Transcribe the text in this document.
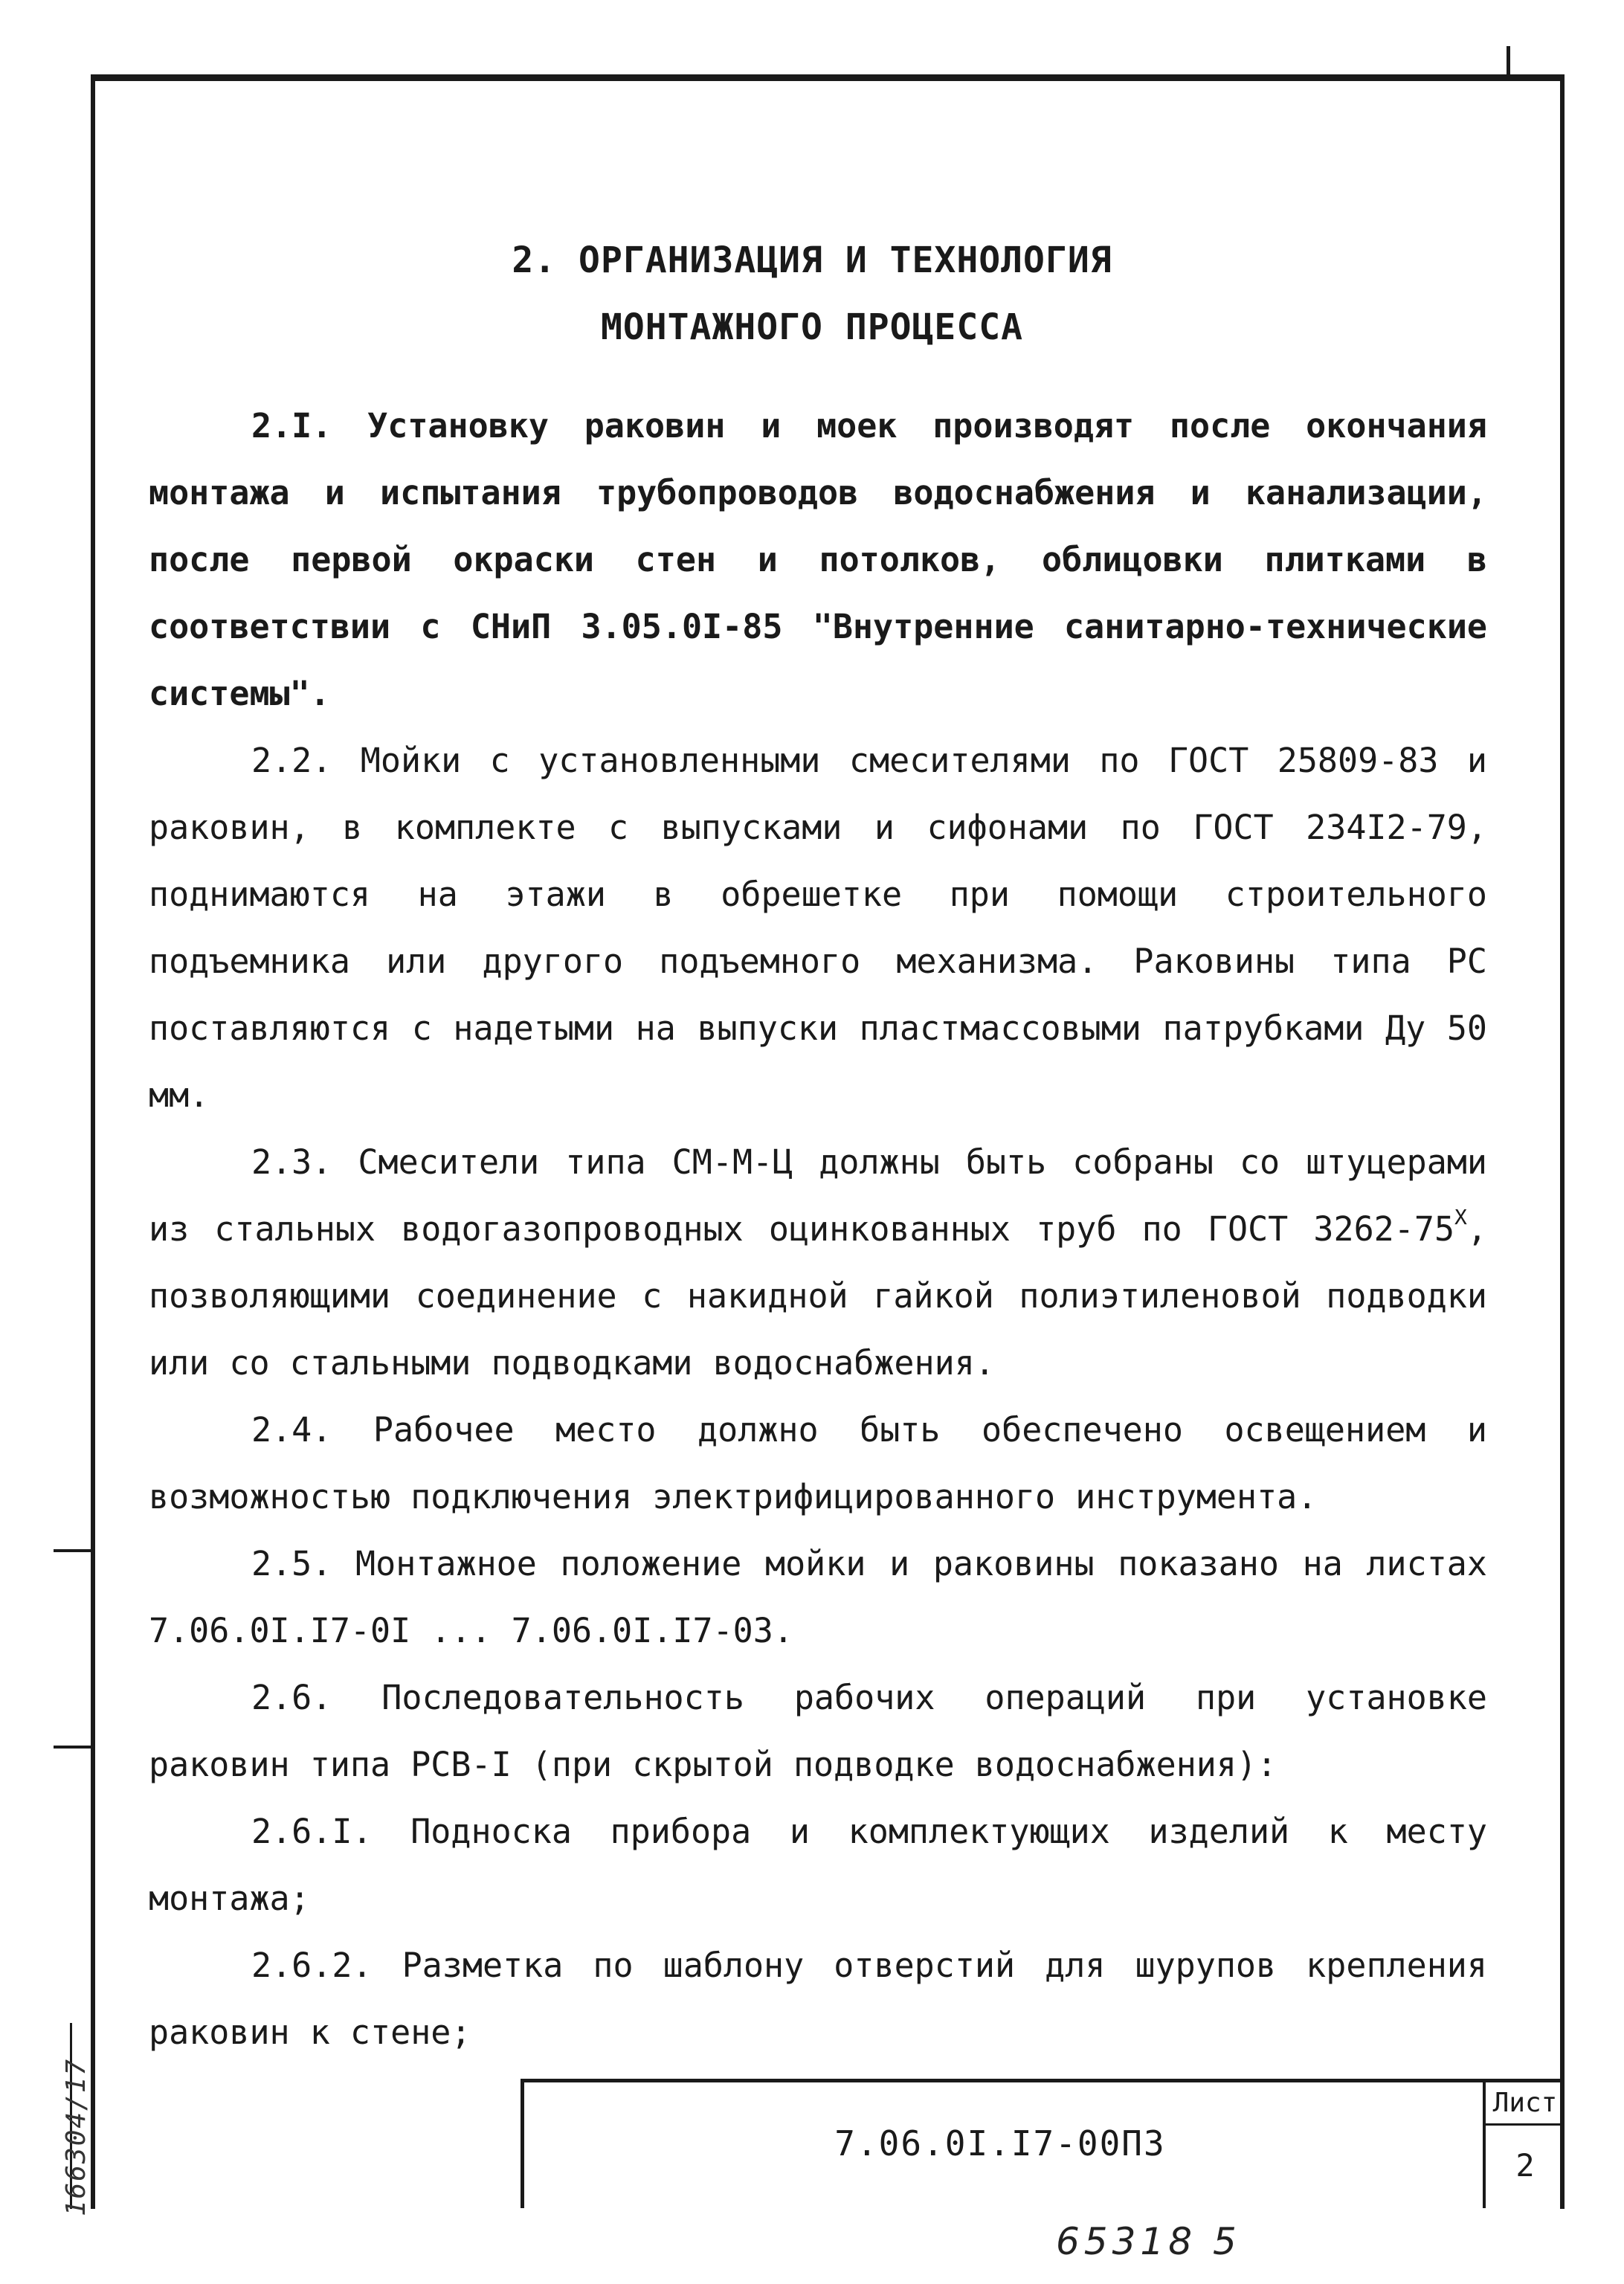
166304/17
2. ОРГАНИЗАЦИЯ И ТЕХНОЛОГИЯ
МОНТАЖНОГО ПРОЦЕССА

2.I. Установку раковин и моек производят после окончания монтажа и испытания трубопроводов водоснабжения и канализации, после первой окраски стен и потолков, облицовки плитками в соответствии с СНиП 3.05.0I-85 "Внутренние санитарно-технические системы".

2.2. Мойки с установленными смесителями по ГОСТ 25809-83 и раковин, в комплекте с выпусками и сифонами по ГОСТ 234I2-79, поднимаются на этажи в обрешетке при помощи строительного подъемника или другого подъемного механизма. Раковины типа РС поставляются с надетыми на выпуски пластмассовыми патрубками Ду 50 мм.

2.3. Смесители типа СМ-М-Ц должны быть собраны со штуцерами из стальных водогазопроводных оцинкованных труб по ГОСТ $3262-75^Х$, позволяющими соединение с накидной гайкой полиэтиленовой подводки или со стальными подводками водоснабжения.

2.4. Рабочее место должно быть обеспечено освещением и возможностью подключения электрифицированного инструмента.

2.5. Монтажное положение мойки и раковины показано на листах 7.06.0I.I7-0I ... 7.06.0I.I7-03.

2.6. Последовательность рабочих операций при установке раковин типа РСВ-I (при скрытой подводке водоснабжения):

2.6.I. Подноска прибора и комплектующих изделий к месту монтажа;

2.6.2. Разметка по шаблону отверстий для шурупов крепления раковин к стене;

7.06.0I.I7-00ПЗ
Лист
2
65318 5
